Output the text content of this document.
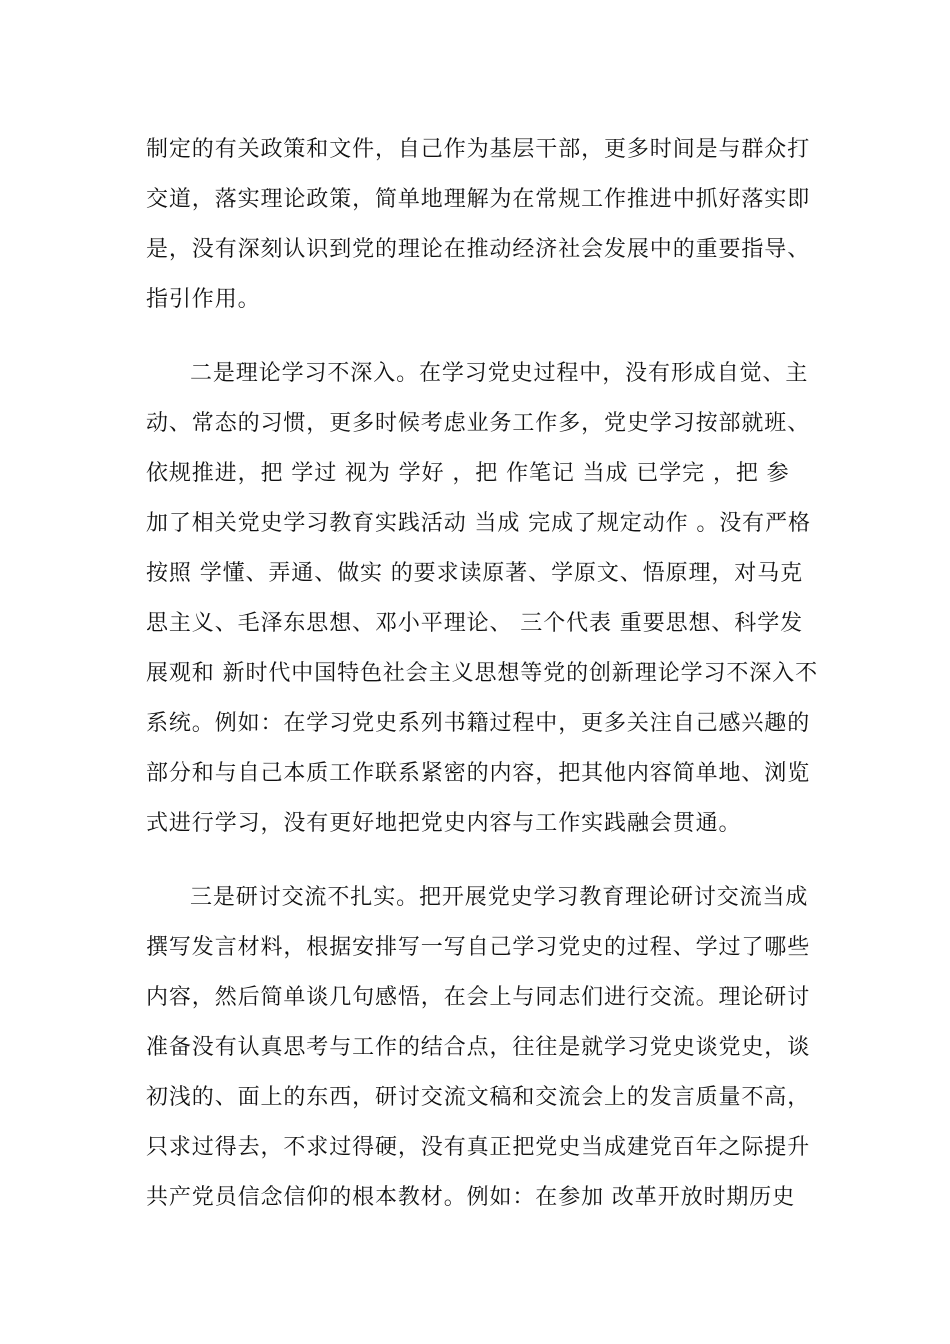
制定的有关政策和文件，自己作为基层干部，更多时间是与群众打
交道，落实理论政策，简单地理解为在常规工作推进中抓好落实即
是，没有深刻认识到党的理论在推动经济社会发展中的重要指导、
指引作用。
二是理论学习不深入。在学习党史过程中，没有形成自觉、主
动、常态的习惯，更多时候考虑业务工作多，党史学习按部就班、
依规推进，把 学过 视为 学好 ，把 作笔记 当成 已学完 ，把 参
加了相关党史学习教育实践活动 当成 完成了规定动作 。没有严格
按照 学懂、弄通、做实 的要求读原著、学原文、悟原理，对马克
思主义、毛泽东思想、邓小平理论、 三个代表 重要思想、科学发
展观和 新时代中国特色社会主义思想等党的创新理论学习不深入不
系统。例如：在学习党史系列书籍过程中，更多关注自己感兴趣的
部分和与自己本质工作联系紧密的内容，把其他内容简单地、浏览
式进行学习，没有更好地把党史内容与工作实践融会贯通。
三是研讨交流不扎实。把开展党史学习教育理论研讨交流当成
撰写发言材料，根据安排写一写自己学习党史的过程、学过了哪些
内容，然后简单谈几句感悟，在会上与同志们进行交流。理论研讨
准备没有认真思考与工作的结合点，往往是就学习党史谈党史，谈
初浅的、面上的东西，研讨交流文稿和交流会上的发言质量不高，
只求过得去，不求过得硬，没有真正把党史当成建党百年之际提升
共产党员信念信仰的根本教材。例如：在参加 改革开放时期历史
